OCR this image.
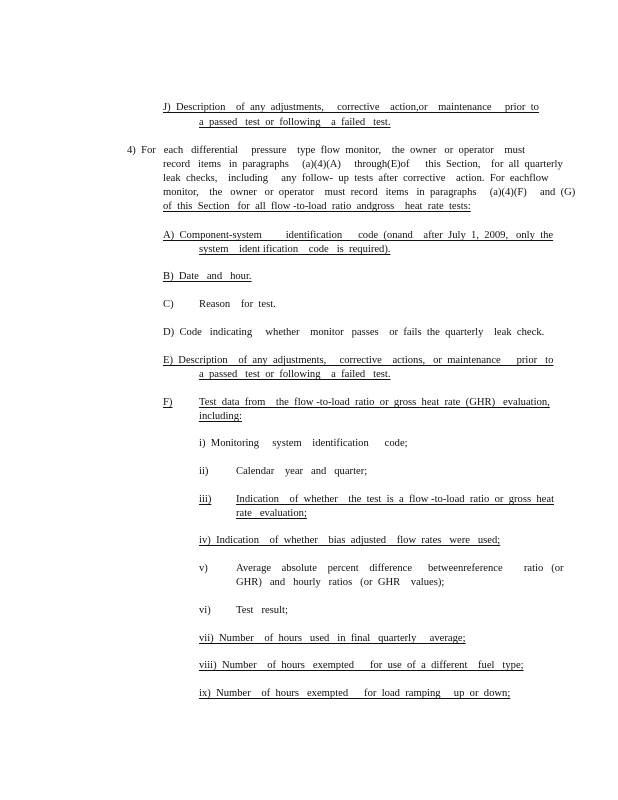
J)  Description    of  any  adjustments,     corrective    action,or    maintenance     prior  to
a  passed   test  or  following    a  failed   test.
4)  For   each   differential     pressure    type  flow  monitor,    the  owner   or  operator    must
record   items   in  paragraphs     (a)(4)(A)     through(E)of      this  Section,    for  all  quarterly
leak  checks,    including     any  follow-  up  tests  after  corrective    action.  For  eachflow
monitor,    the   owner   or  operator    must  record   items   in  paragraphs     (a)(4)(F)     and  (G)
of  this  Section   for  all  flow -to-load  ratio  andgross    heat  rate  tests:
A)  Component-system         identification      code  (onand    after  July  1,  2009,   only  the
system    ident ification    code   is  required).
B)  Date   and   hour.
C) Reason    for  test.
D)  Code   indicating     whether    monitor   passes    or  fails  the  quarterly    leak  check.
E)  Description    of  any  adjustments,     corrective    actions,   or  maintenance      prior   to
a  passed   test  or  following    a  failed   test.
F)	Test  data  from    the  flow -to-load  ratio  or  gross  heat  rate  (GHR)   evaluation,
including:
i)  Monitoring     system    identification      code;
ii)	Calendar    year   and   quarter;
iii) Indication    of  whether    the  test  is  a  flow -to-load  ratio  or  gross  heat
rate   evaluation;
iv)  Indication    of  whether    bias  adjusted    flow  rates   were   used;
v)	Average    absolute    percent    difference      betweenreference        ratio   (or
GHR)   and   hourly   ratios   (or  GHR    values);
vi) Test   result;
vii)  Number    of  hours   used   in  final   quarterly     average;
viii)  Number    of  hours   exempted      for  use  of  a  different    fuel   type;
ix)  Number    of  hours   exempted      for  load  ramping     up  or  down;
